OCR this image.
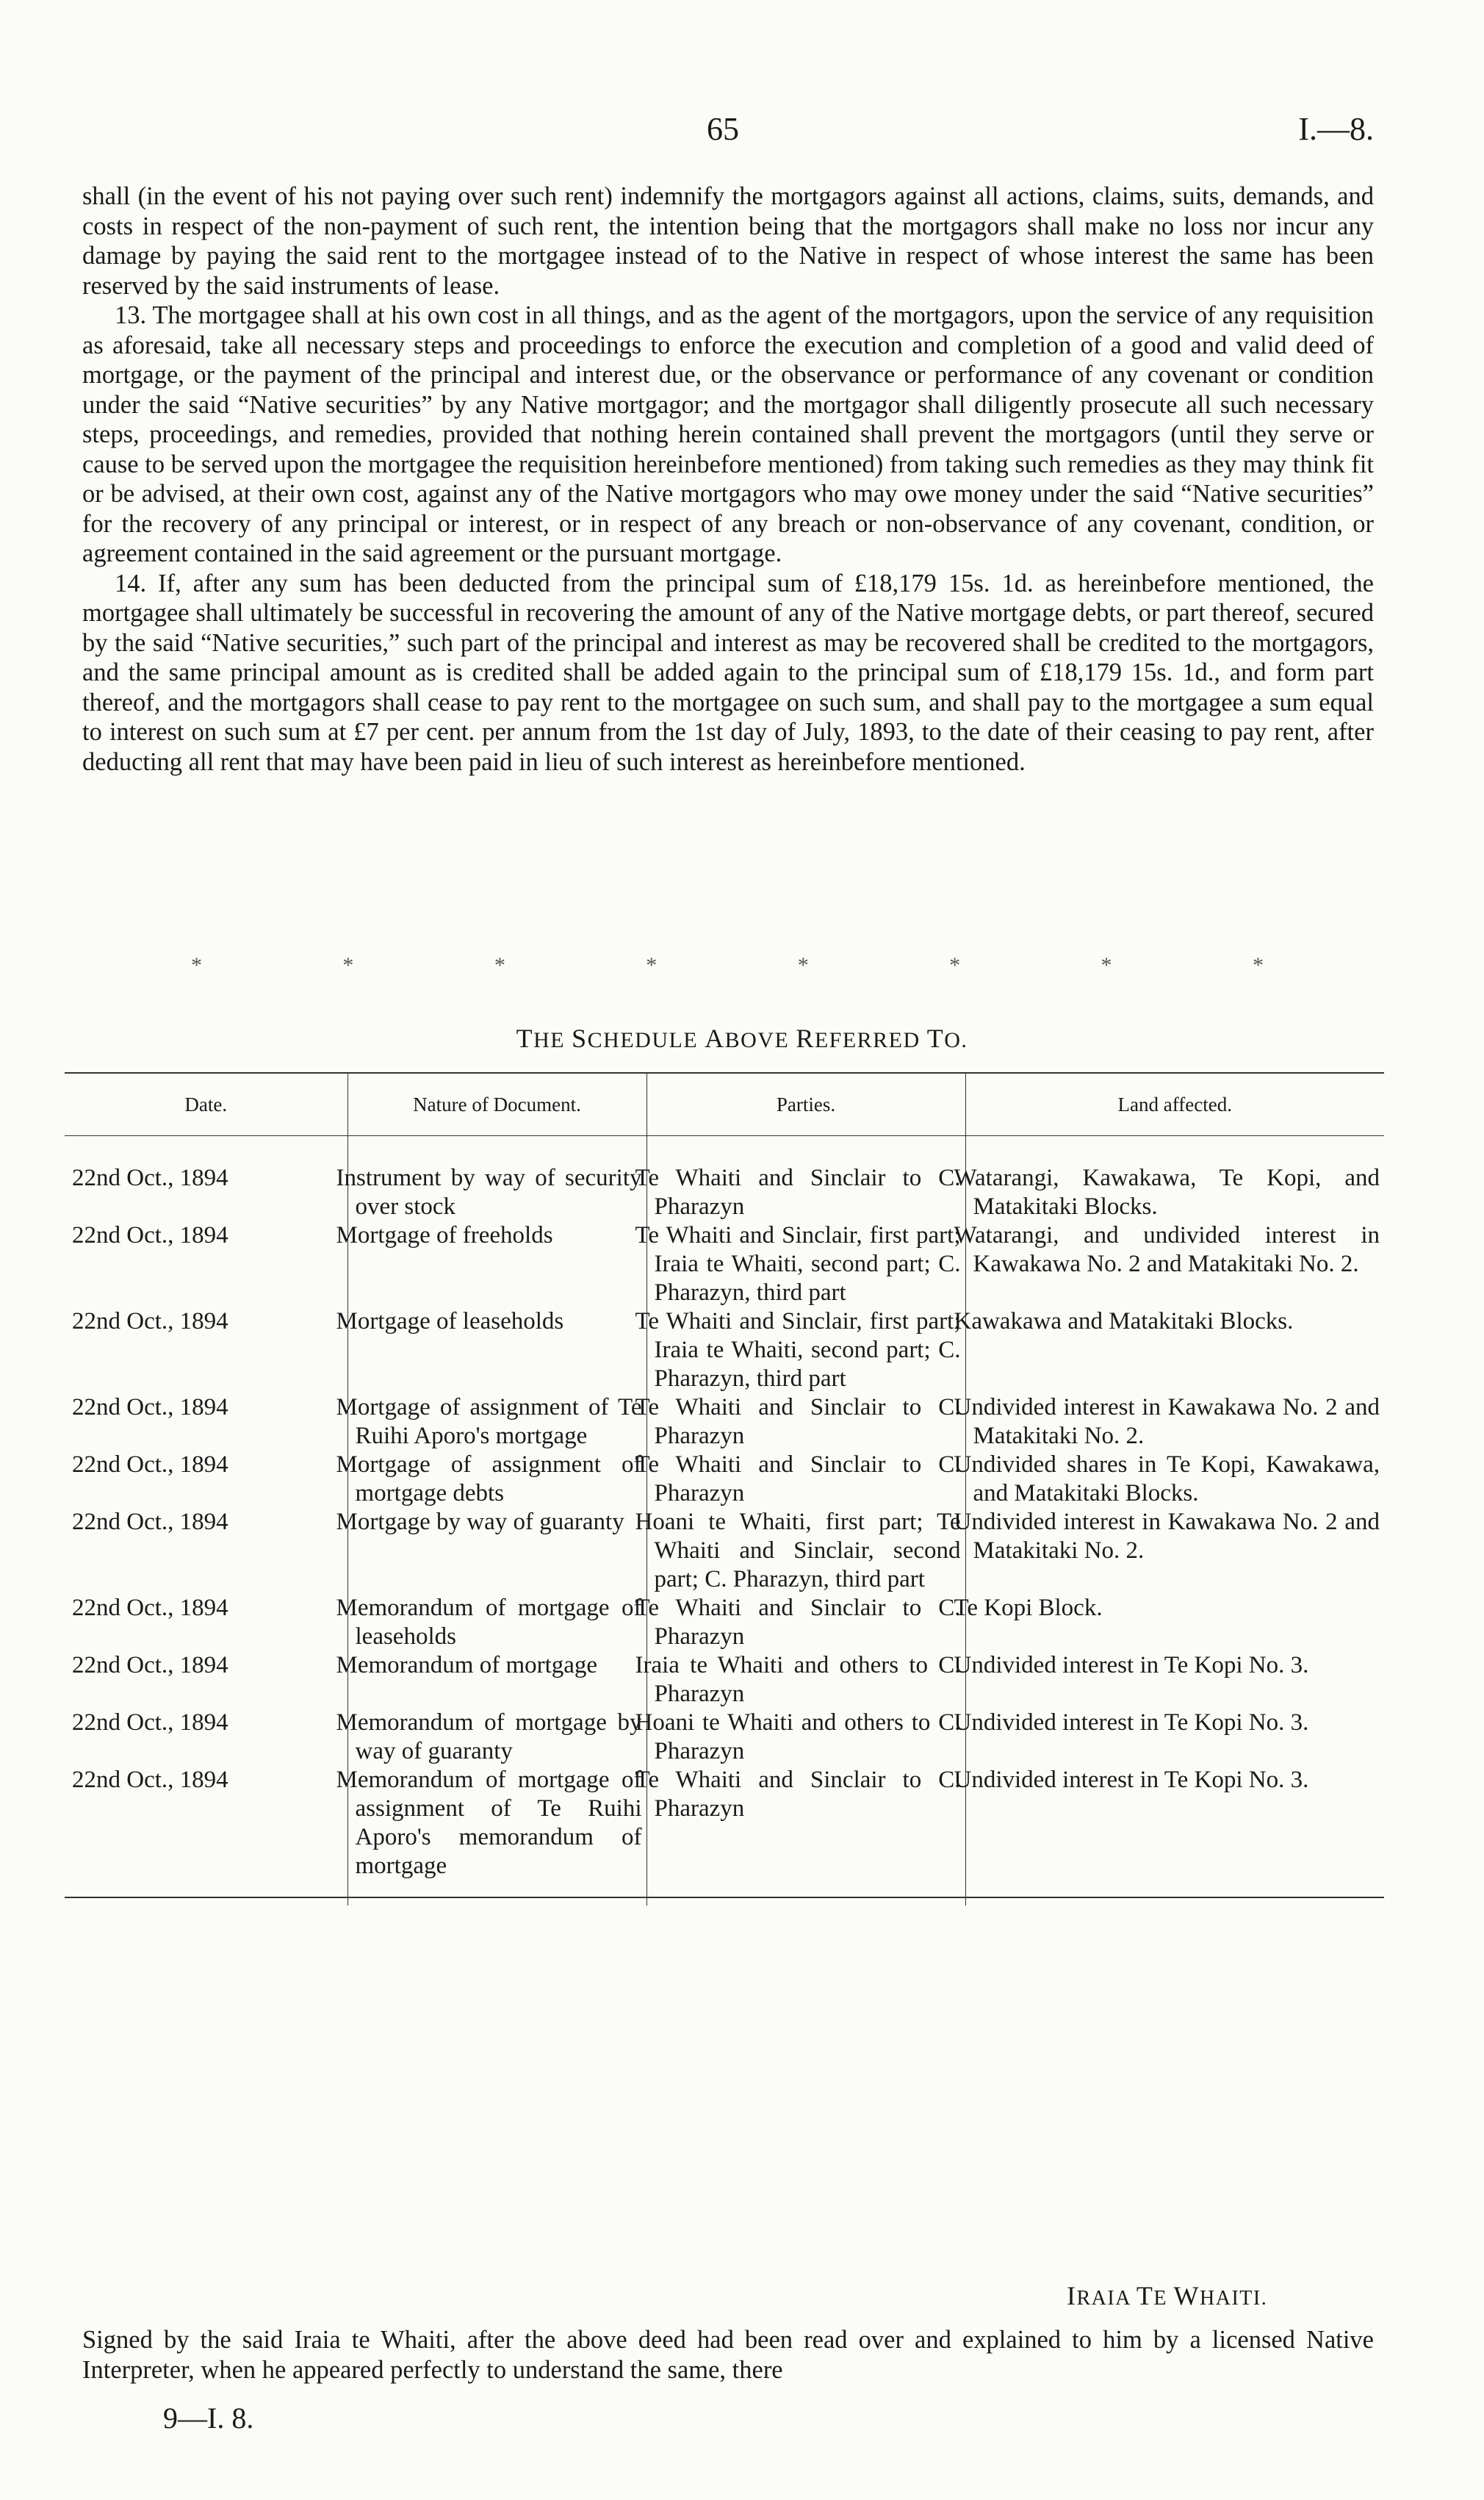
65	I.—8.

shall (in the event of his not paying over such rent) indemnify the mortgagors against all actions, claims, suits, demands, and costs in respect of the non-payment of such rent, the intention being that the mortgagors shall make no loss nor incur any damage by paying the said rent to the mortgagee instead of to the Native in respect of whose interest the same has been reserved by the said instruments of lease.

13. The mortgagee shall at his own cost in all things, and as the agent of the mortgagors, upon the service of any requisition as aforesaid, take all necessary steps and proceedings to enforce the execution and completion of a good and valid deed of mortgage, or the payment of the principal and interest due, or the observance or performance of any covenant or condition under the said “Native securities” by any Native mortgagor; and the mortgagor shall diligently prosecute all such necessary steps, proceedings, and remedies, provided that nothing herein contained shall prevent the mortgagors (until they serve or cause to be served upon the mortgagee the requisition hereinbefore mentioned) from taking such remedies as they may think fit or be advised, at their own cost, against any of the Native mortgagors who may owe money under the said “Native securities” for the recovery of any principal or interest, or in respect of any breach or non-observance of any covenant, condition, or agreement contained in the said agreement or the pursuant mortgage.

14. If, after any sum has been deducted from the principal sum of £18,179 15s. 1d. as hereinbefore mentioned, the mortgagee shall ultimately be successful in recovering the amount of any of the Native mortgage debts, or part thereof, secured by the said “Native securities,” such part of the principal and interest as may be recovered shall be credited to the mortgagors, and the same principal amount as is credited shall be added again to the principal sum of £18,179 15s. 1d., and form part thereof, and the mortgagors shall cease to pay rent to the mortgagee on such sum, and shall pay to the mortgagee a sum equal to interest on such sum at £7 per cent. per annum from the 1st day of July, 1893, to the date of their ceasing to pay rent, after deducting all rent that may have been paid in lieu of such interest as hereinbefore mentioned.

*	*	*	*	*	*	*	*
THE SCHEDULE ABOVE REFERRED TO.
Date.	Nature of Document.	Parties.	Land affected.

22nd Oct., 1894	Instrument by way of security over stock	Te Whaiti and Sinclair to C. Pharazyn	Watarangi, Kawakawa, Te Kopi, and Matakitaki Blocks.
22nd Oct., 1894	Mortgage of freeholds	Te Whaiti and Sinclair, first part; Iraia te Whaiti, second part; C. Pharazyn, third part	Watarangi, and undivided interest in Kawakawa No. 2 and Matakitaki No. 2.
22nd Oct., 1894	Mortgage of leaseholds	Te Whaiti and Sinclair, first part; Iraia te Whaiti, second part; C. Pharazyn, third part	Kawakawa and Matakitaki Blocks.
22nd Oct., 1894	Mortgage of assignment of Te Ruihi Aporo's mortgage	Te Whaiti and Sinclair to C. Pharazyn	Undivided interest in Kawakawa No. 2 and Matakitaki No. 2.
22nd Oct., 1894	Mortgage of assignment of mortgage debts	Te Whaiti and Sinclair to C. Pharazyn	Undivided shares in Te Kopi, Kawakawa, and Matakitaki Blocks.
22nd Oct., 1894	Mortgage by way of guaranty	Hoani te Whaiti, first part; Te Whaiti and Sinclair, second part; C. Pharazyn, third part	Undivided interest in Kawakawa No. 2 and Matakitaki No. 2.
22nd Oct., 1894	Memorandum of mortgage of leaseholds	Te Whaiti and Sinclair to C. Pharazyn	Te Kopi Block.
22nd Oct., 1894	Memorandum of mortgage	Iraia te Whaiti and others to C. Pharazyn	Undivided interest in Te Kopi No. 3.
22nd Oct., 1894	Memorandum of mortgage by way of guaranty	Hoani te Whaiti and others to C. Pharazyn	Undivided interest in Te Kopi No. 3.
22nd Oct., 1894	Memorandum of mortgage of assignment of Te Ruihi Aporo's memorandum of mortgage	Te Whaiti and Sinclair to C. Pharazyn	Undivided interest in Te Kopi No. 3.

IRAIA TE WHAITI.
Signed by the said Iraia te Whaiti, after the above deed had been read over and explained to him by a licensed Native Interpreter, when he appeared perfectly to understand the same, there
9—I. 8.
